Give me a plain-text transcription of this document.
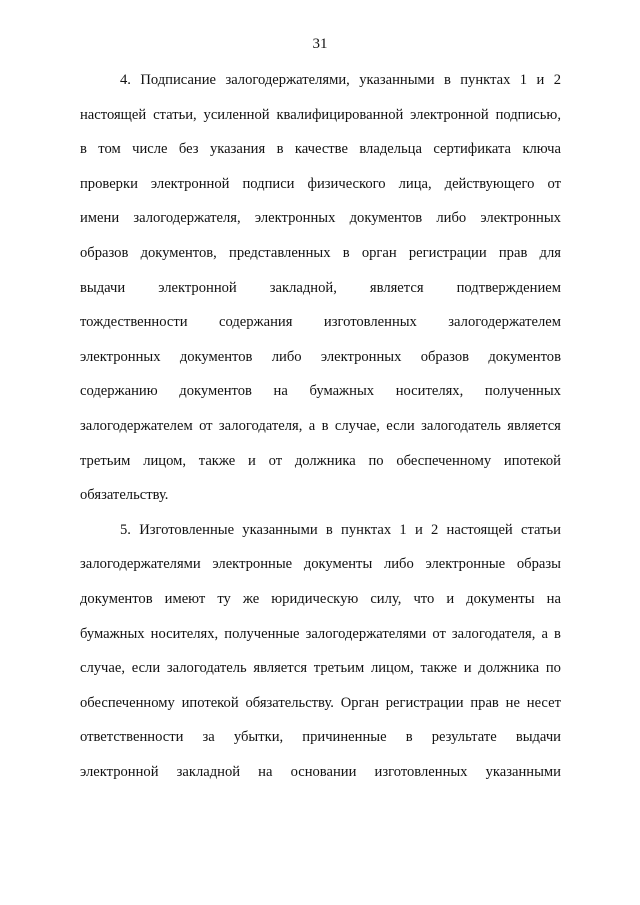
31
4. Подписание залогодержателями, указанными в пунктах 1 и 2
настоящей статьи, усиленной квалифицированной электронной подписью,
в том числе без указания в качестве владельца сертификата ключа
проверки электронной подписи физического лица, действующего от
имени залогодержателя, электронных документов либо электронных
образов документов, представленных в орган регистрации прав для
выдачи электронной закладной, является подтверждением
тождественности содержания изготовленных залогодержателем
электронных документов либо электронных образов документов
содержанию документов на бумажных носителях, полученных
залогодержателем от залогодателя, а в случае, если залогодатель является
третьим лицом, также и от должника по обеспеченному ипотекой
обязательству.
5. Изготовленные указанными в пунктах 1 и 2 настоящей статьи
залогодержателями электронные документы либо электронные образы
документов имеют ту же юридическую силу, что и документы на
бумажных носителях, полученные залогодержателями от залогодателя, а в
случае, если залогодатель является третьим лицом, также и должника по
обеспеченному ипотекой обязательству. Орган регистрации прав не несет
ответственности за убытки, причиненные в результате выдачи
электронной закладной на основании изготовленных указанными
